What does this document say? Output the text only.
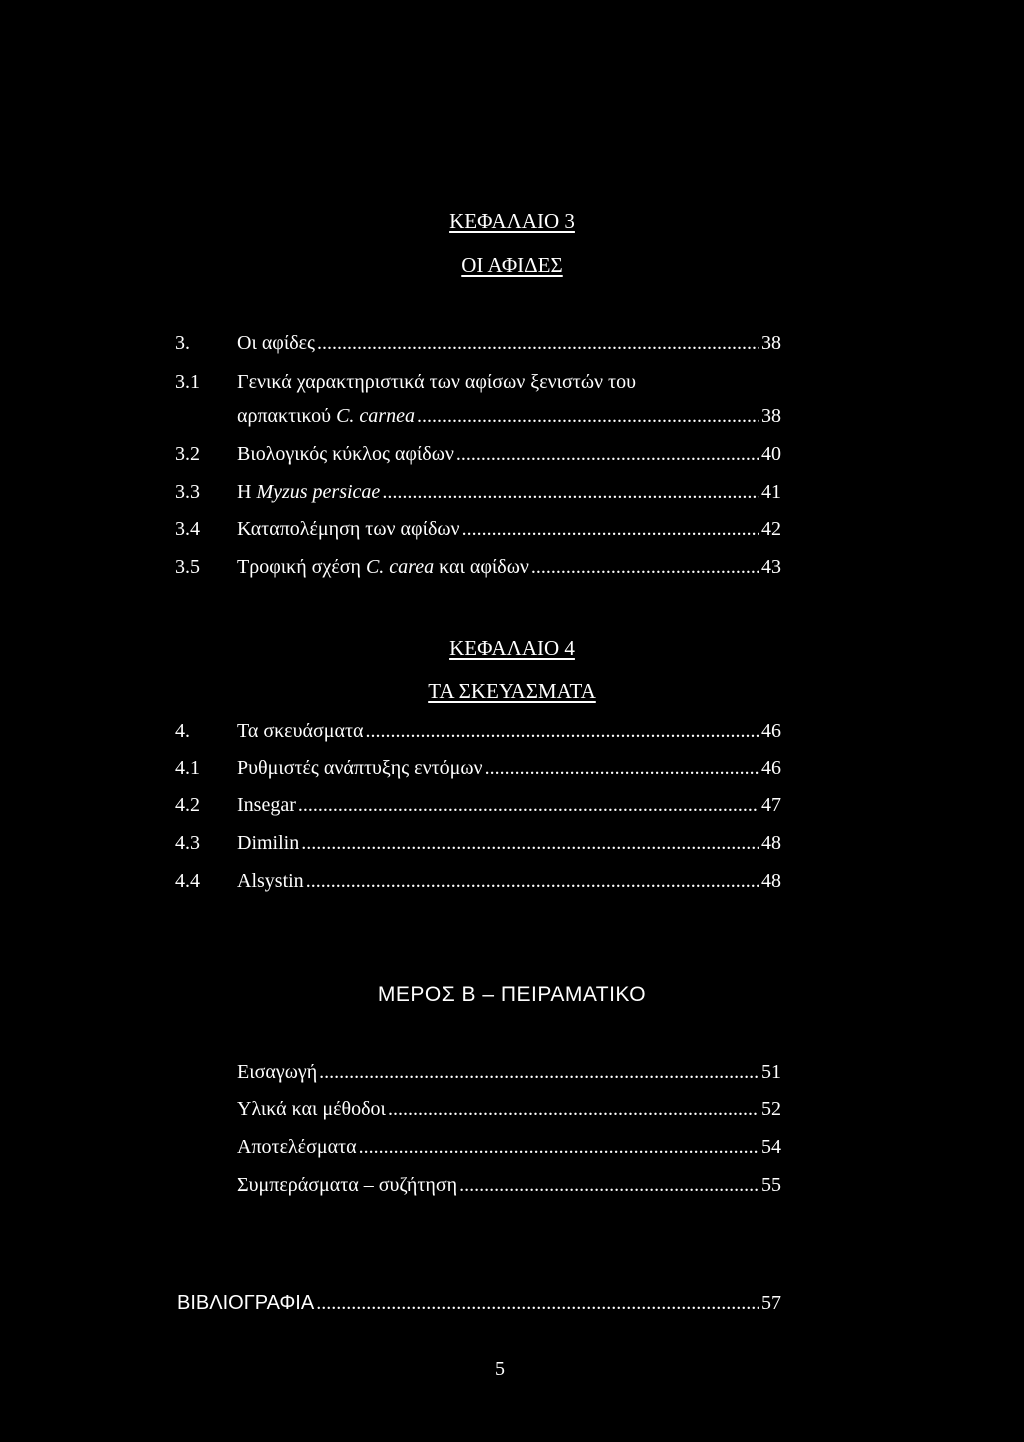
ΚΕΦΑΛΑΙΟ 3
ΟΙ ΑΦΙΔΕΣ
3. Οι αφίδες .....	38
3.1 Γενικά χαρακτηριστικά των αφίσων ξενιστών του
αρπακτικού C. carnea .....	38
3.2 Βιολογικός κύκλος αφίδων .....	40
3.3 H Myzus persicae .....	41
3.4 Καταπολέμηση των αφίδων .....	42
3.5 Τροφική σχέση C. carea και αφίδων .....	43
ΚΕΦΑΛΑΙΟ 4
ΤΑ ΣΚΕΥΑΣΜΑΤΑ
4. Τα σκευάσματα .....	46
4.1 Ρυθμιστές ανάπτυξης εντόμων .....	46
4.2 Insegar .....	47
4.3 Dimilin .....	48
4.4 Alsystin .....	48
ΜΕΡΟΣ Β – ΠΕΙΡΑΜΑΤΙΚΟ
Εισαγωγή .....	51
Υλικά και μέθοδοι .....	52
Αποτελέσματα .....	54
Συμπεράσματα – συζήτηση .....	55
ΒΙΒΛΙΟΓΡΑΦΙΑ .....	57
5
